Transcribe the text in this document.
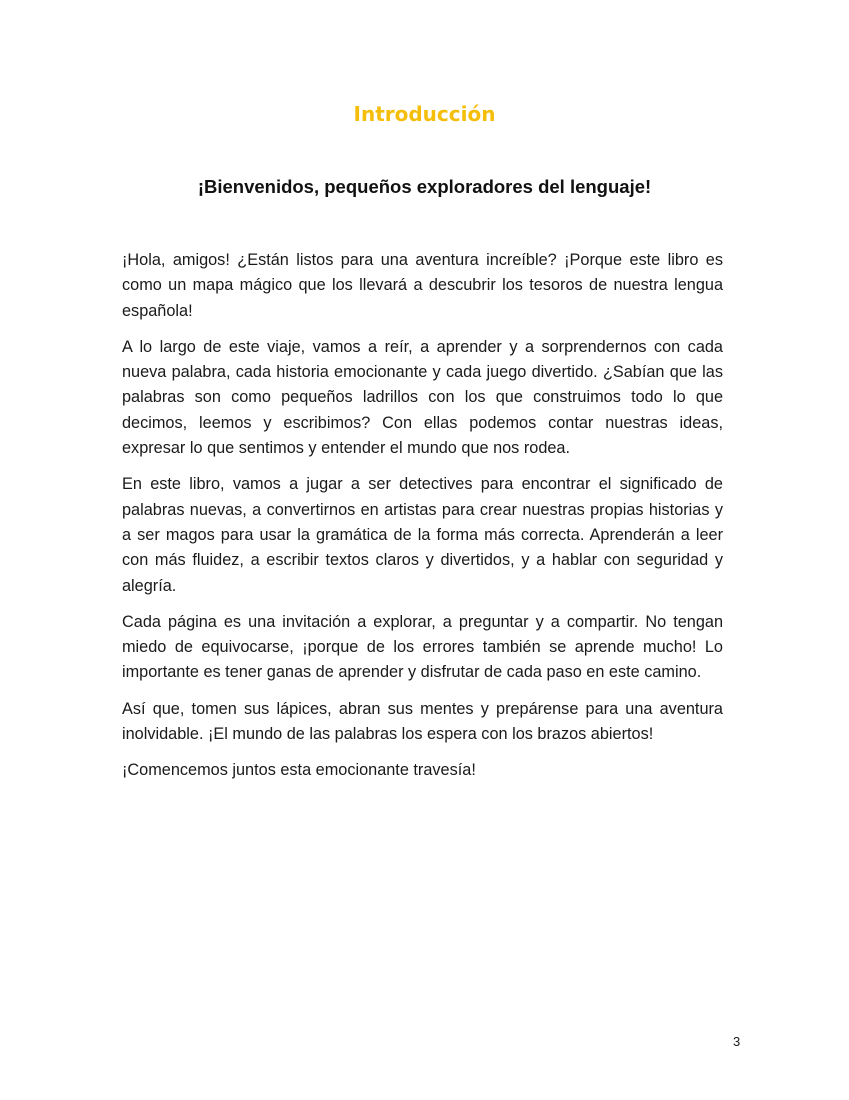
Introducción
¡Bienvenidos, pequeños exploradores del lenguaje!

¡Hola, amigos! ¿Están listos para una aventura increíble? ¡Porque este libro es como un mapa mágico que los llevará a descubrir los tesoros de nuestra lengua española!

A lo largo de este viaje, vamos a reír, a aprender y a sorprendernos con cada nueva palabra, cada historia emocionante y cada juego divertido. ¿Sabían que las palabras son como pequeños ladrillos con los que construimos todo lo que decimos, leemos y escribimos? Con ellas podemos contar nuestras ideas, expresar lo que sentimos y entender el mundo que nos rodea.

En este libro, vamos a jugar a ser detectives para encontrar el significado de palabras nuevas, a convertirnos en artistas para crear nuestras propias historias y a ser magos para usar la gramática de la forma más correcta. Aprenderán a leer con más fluidez, a escribir textos claros y divertidos, y a hablar con seguridad y alegría.

Cada página es una invitación a explorar, a preguntar y a compartir. No tengan miedo de equivocarse, ¡porque de los errores también se aprende mucho! Lo importante es tener ganas de aprender y disfrutar de cada paso en este camino.

Así que, tomen sus lápices, abran sus mentes y prepárense para una aventura inolvidable. ¡El mundo de las palabras los espera con los brazos abiertos!

¡Comencemos juntos esta emocionante travesía!

3
